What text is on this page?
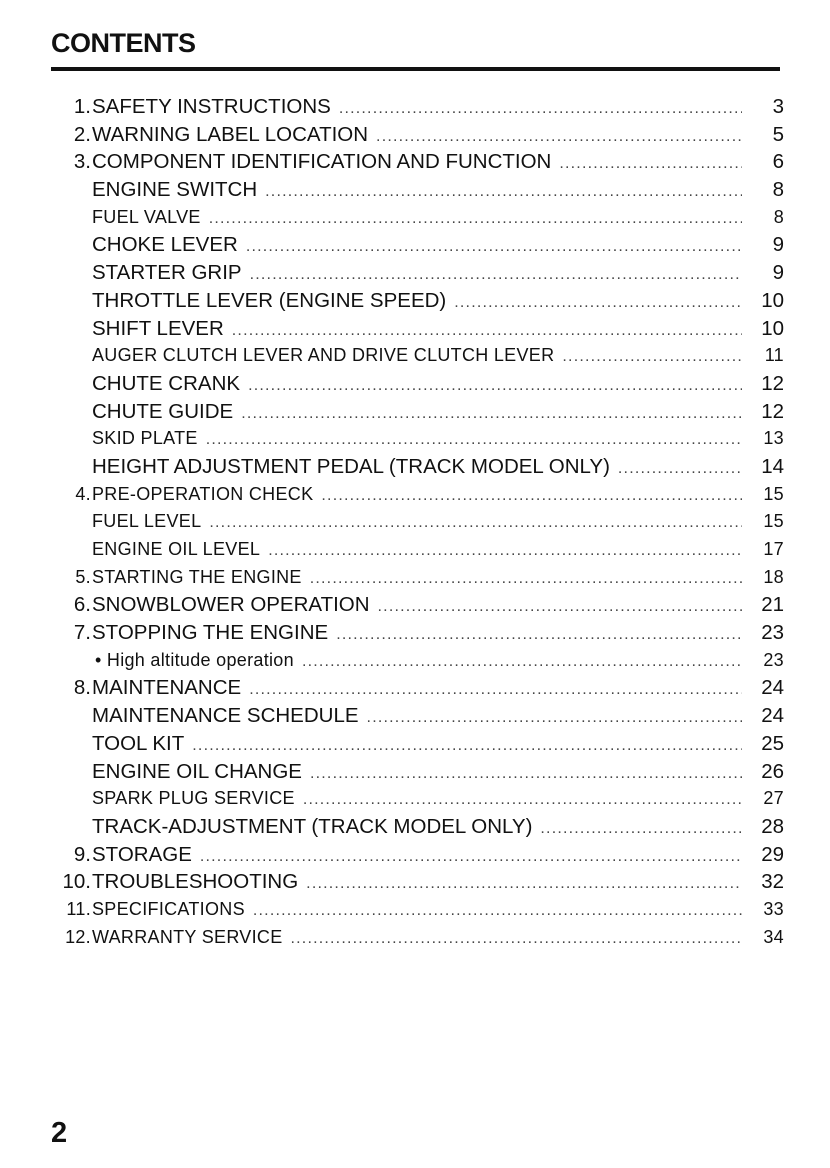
CONTENTS
1. SAFETY INSTRUCTIONS .....	3
2. WARNING LABEL LOCATION .....	5
3. COMPONENT IDENTIFICATION AND FUNCTION .....	6
ENGINE SWITCH .....	8
FUEL VALVE .....	8
CHOKE LEVER .....	9
STARTER GRIP .....	9
THROTTLE LEVER (ENGINE SPEED) .....	10
SHIFT LEVER .....	10
AUGER CLUTCH LEVER AND DRIVE CLUTCH LEVER .....	11
CHUTE CRANK .....	12
CHUTE GUIDE .....	12
SKID PLATE .....	13
HEIGHT ADJUSTMENT PEDAL (TRACK MODEL ONLY) .....	14
4. PRE-OPERATION CHECK .....	15
FUEL LEVEL .....	15
ENGINE OIL LEVEL .....	17
5. STARTING THE ENGINE .....	18
6. SNOWBLOWER OPERATION .....	21
7. STOPPING THE ENGINE .....	23
• High altitude operation .....	23
8. MAINTENANCE .....	24
MAINTENANCE SCHEDULE .....	24
TOOL KIT .....	25
ENGINE OIL CHANGE .....	26
SPARK PLUG SERVICE .....	27
TRACK-ADJUSTMENT (TRACK MODEL ONLY) .....	28
9. STORAGE .....	29
10. TROUBLESHOOTING .....	32
11. SPECIFICATIONS .....	33
12. WARRANTY SERVICE .....	34
2
